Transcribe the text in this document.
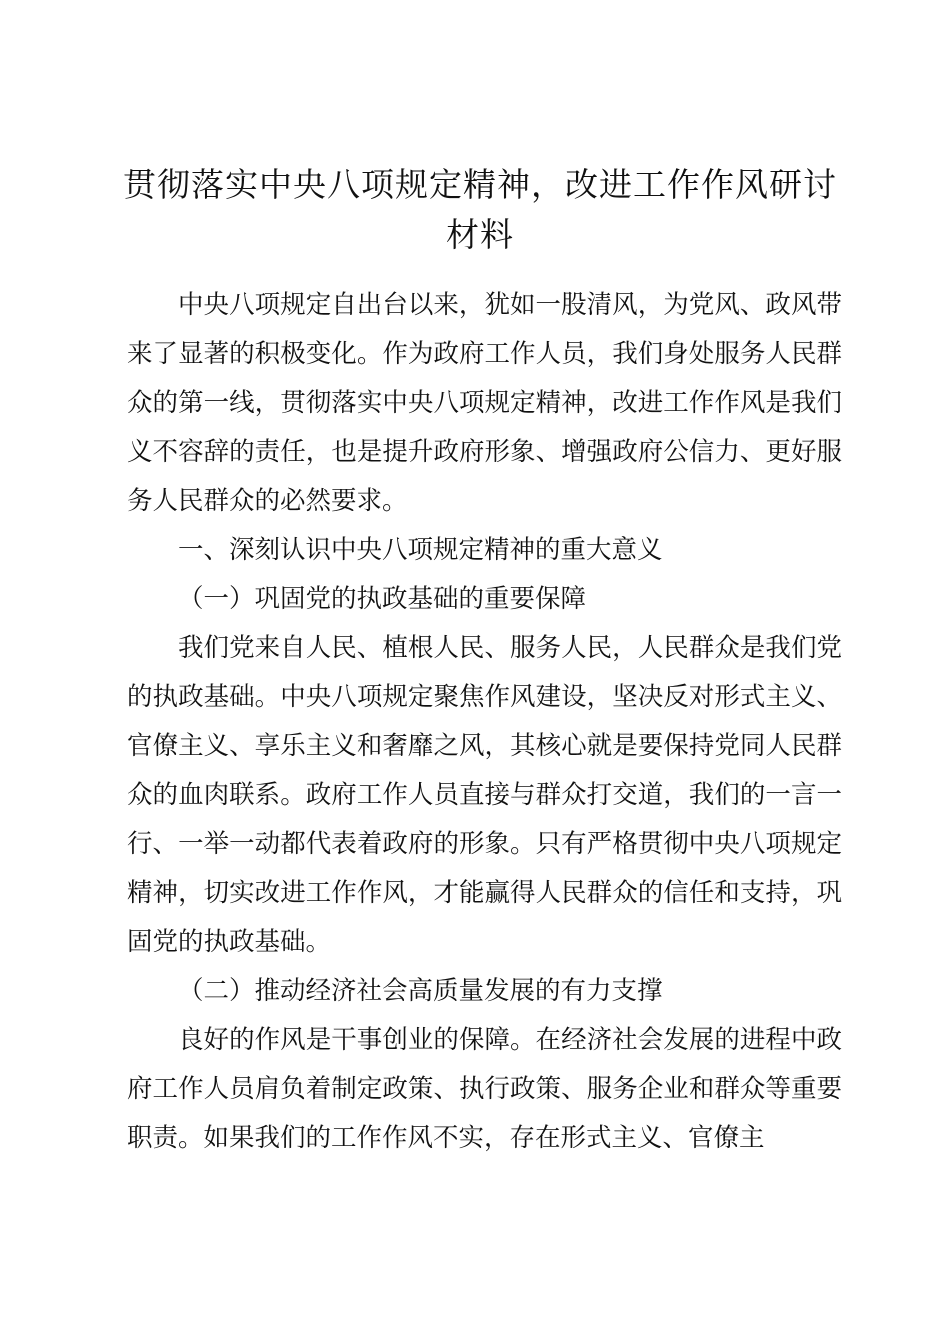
贯彻落实中央八项规定精神，改进工作作风研讨材料

中央八项规定自出台以来，犹如一股清风，为党风、政风带来了显著的积极变化。作为政府工作人员，我们身处服务人民群众的第一线，贯彻落实中央八项规定精神，改进工作作风是我们义不容辞的责任，也是提升政府形象、增强政府公信力、更好服务人民群众的必然要求。

一、深刻认识中央八项规定精神的重大意义

（一）巩固党的执政基础的重要保障

我们党来自人民、植根人民、服务人民，人民群众是我们党的执政基础。中央八项规定聚焦作风建设，坚决反对形式主义、官僚主义、享乐主义和奢靡之风，其核心就是要保持党同人民群众的血肉联系。政府工作人员直接与群众打交道，我们的一言一行、一举一动都代表着政府的形象。只有严格贯彻中央八项规定精神，切实改进工作作风，才能赢得人民群众的信任和支持，巩固党的执政基础。

（二）推动经济社会高质量发展的有力支撑

良好的作风是干事创业的保障。在经济社会发展的进程中政府工作人员肩负着制定政策、执行政策、服务企业和群众等重要职责。如果我们的工作作风不实，存在形式主义、官僚主
